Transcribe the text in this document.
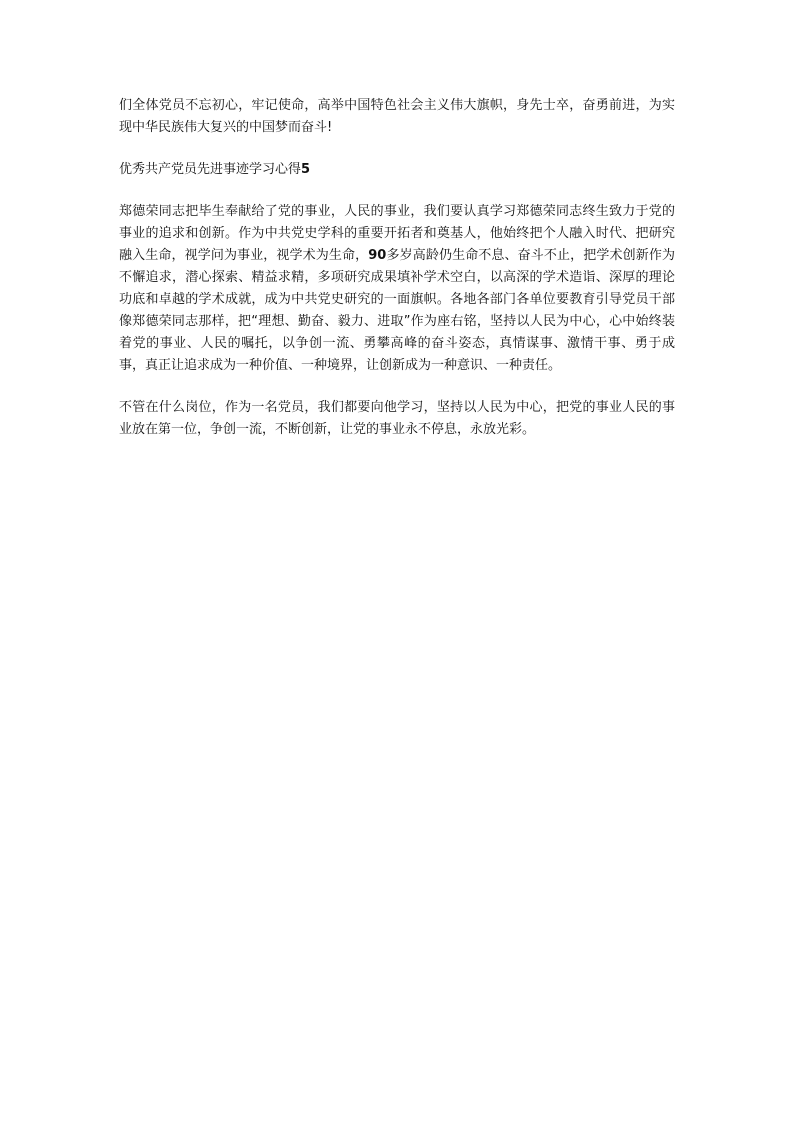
们全体党员不忘初心，牢记使命，高举中国特色社会主义伟大旗帜，身先士卒，奋勇前进，为实现中华民族伟大复兴的中国梦而奋斗!

优秀共产党员先进事迹学习心得5

郑德荣同志把毕生奉献给了党的事业，人民的事业，我们要认真学习郑德荣同志终生致力于党的事业的追求和创新。作为中共党史学科的重要开拓者和奠基人，他始终把个人融入时代、把研究融入生命，视学问为事业，视学术为生命，90多岁高龄仍生命不息、奋斗不止，把学术创新作为不懈追求，潜心探索、精益求精，多项研究成果填补学术空白，以高深的学术造诣、深厚的理论功底和卓越的学术成就，成为中共党史研究的一面旗帜。各地各部门各单位要教育引导党员干部像郑德荣同志那样，把“理想、勤奋、毅力、进取”作为座右铭，坚持以人民为中心，心中始终装着党的事业、人民的嘱托，以争创一流、勇攀高峰的奋斗姿态，真情谋事、激情干事、勇于成事，真正让追求成为一种价值、一种境界，让创新成为一种意识、一种责任。

不管在什么岗位，作为一名党员，我们都要向他学习，坚持以人民为中心，把党的事业人民的事业放在第一位，争创一流，不断创新，让党的事业永不停息，永放光彩。
